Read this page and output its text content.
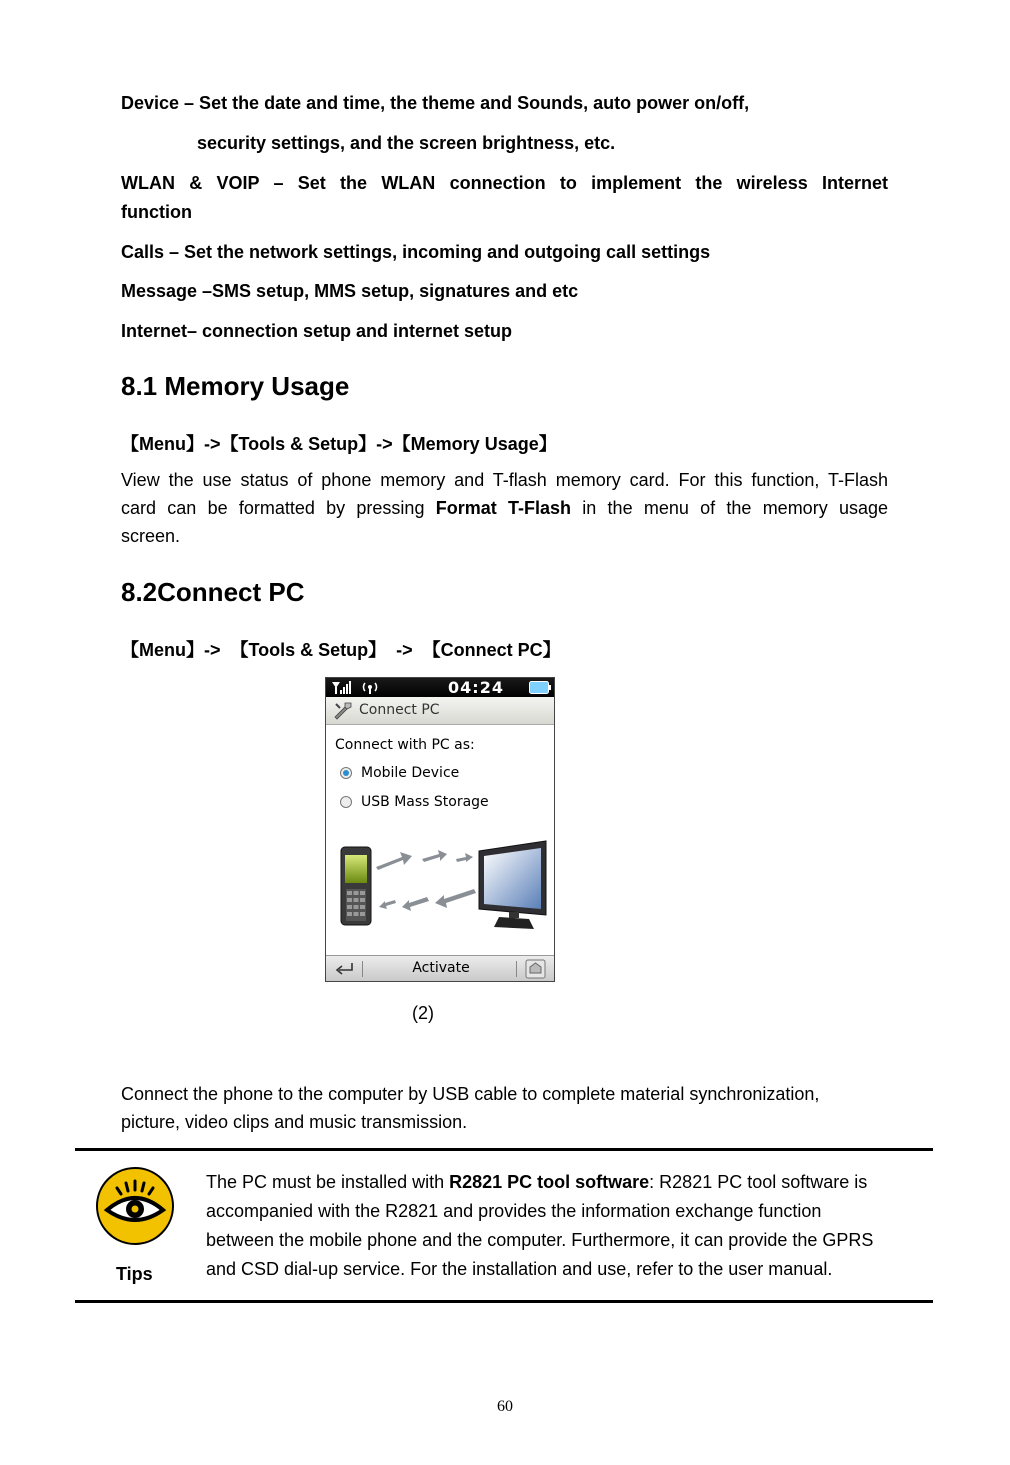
Device – Set the date and time, the theme and Sounds, auto power on/off,
security settings, and the screen brightness, etc.
WLAN & VOIP – Set the WLAN connection to implement the wireless Internet
function
Calls – Set the network settings, incoming and outgoing call settings
Message –SMS setup, MMS setup, signatures and etc
Internet– connection setup and internet setup
8.1 Memory Usage
【Menu】->【Tools & Setup】->【Memory Usage】
View the use status of phone memory and T-flash memory card. For this function, T-Flash
card can be formatted by pressing Format T-Flash in the menu of the memory usage
screen.
8.2Connect PC
【Menu】->  【Tools & Setup】  ->  【Connect PC】
04:24
Connect PC
Connect with PC as:
Mobile Device
USB Mass Storage
Activate
(2)
Connect the phone to the computer by USB cable to complete material synchronization,
picture, video clips and music transmission.
Tips
The PC must be installed with R2821 PC tool software: R2821 PC tool software is
accompanied with the R2821 and provides the information exchange function
between the mobile phone and the computer. Furthermore, it can provide the GPRS
and CSD dial-up service. For the installation and use, refer to the user manual.
60
